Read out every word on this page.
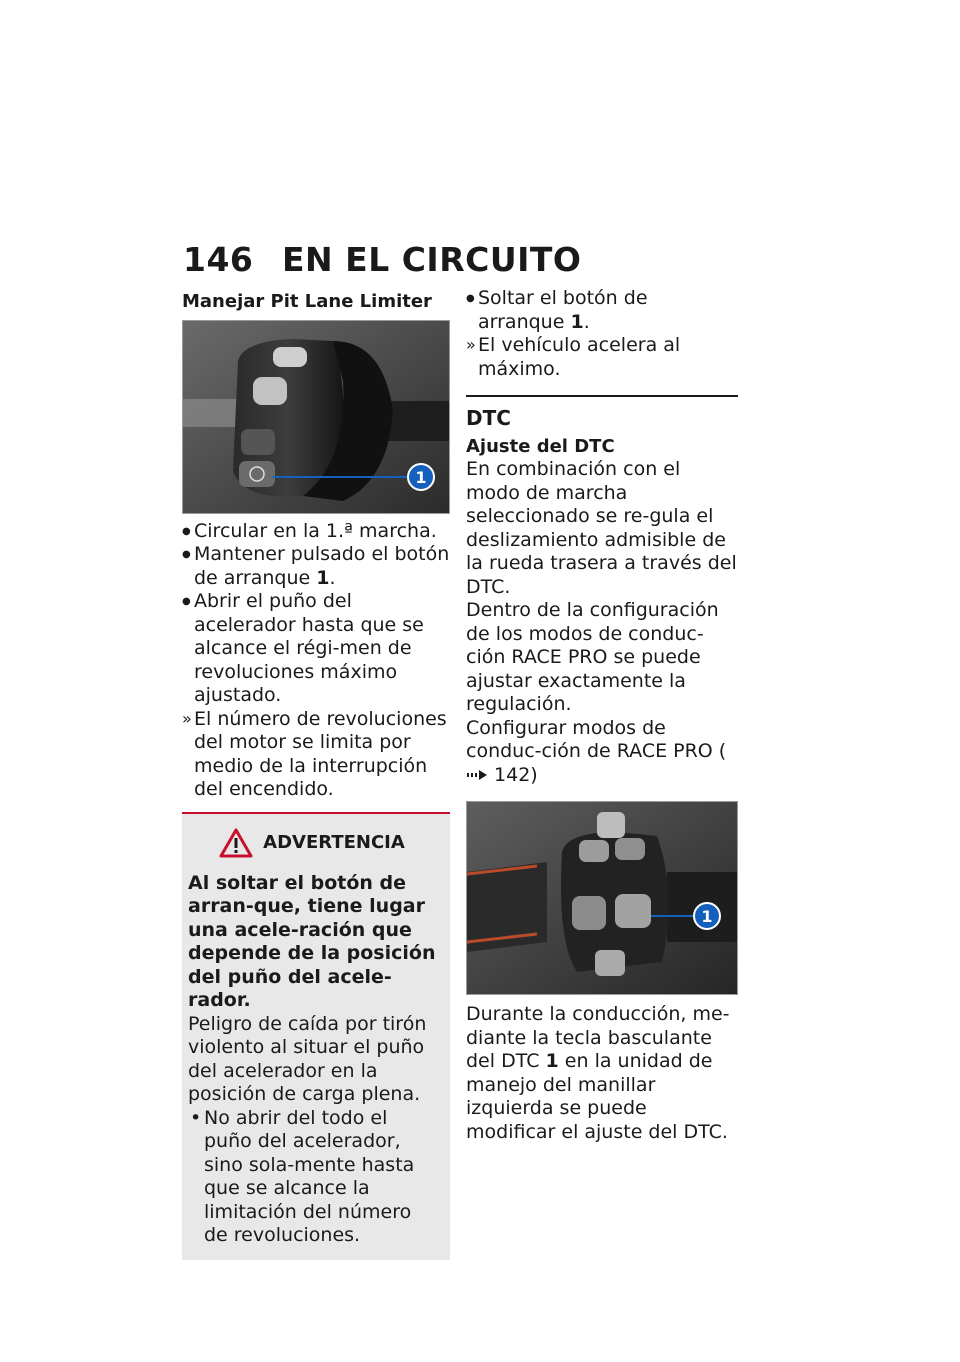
146 EN EL CIRCUITO
Manejar Pit Lane Limiter
1
● Circular en la 1.ª marcha.
● Mantener pulsado el botón de arranque 1.
● Abrir el puño del acelerador hasta que se alcance el régi-men de revoluciones máximo ajustado.
» El número de revoluciones del motor se limita por medio de la interrupción del encendido.
ADVERTENCIA
Al soltar el botón de arran-que, tiene lugar una acele-ración que depende de la posición del puño del acele-rador.
Peligro de caída por tirón violento al situar el puño del acelerador en la posición de carga plena.
• No abrir del todo el puño del acelerador, sino sola-mente hasta que se alcance la limitación del número de revoluciones.
● Soltar el botón de arranque 1.
» El vehículo acelera al máximo.
DTC
Ajuste del DTC
En combinación con el modo de marcha seleccionado se re-gula el deslizamiento admisible de la rueda trasera a través del DTC.
Dentro de la configuración de los modos de conduc-ción RACE PRO se puede ajustar exactamente la regulación.
Configurar modos de conduc-ción de RACE PRO ( 142)
1
Durante la conducción, me-diante la tecla basculante del DTC 1 en la unidad de manejo del manillar izquierda se puede modificar el ajuste del DTC.
